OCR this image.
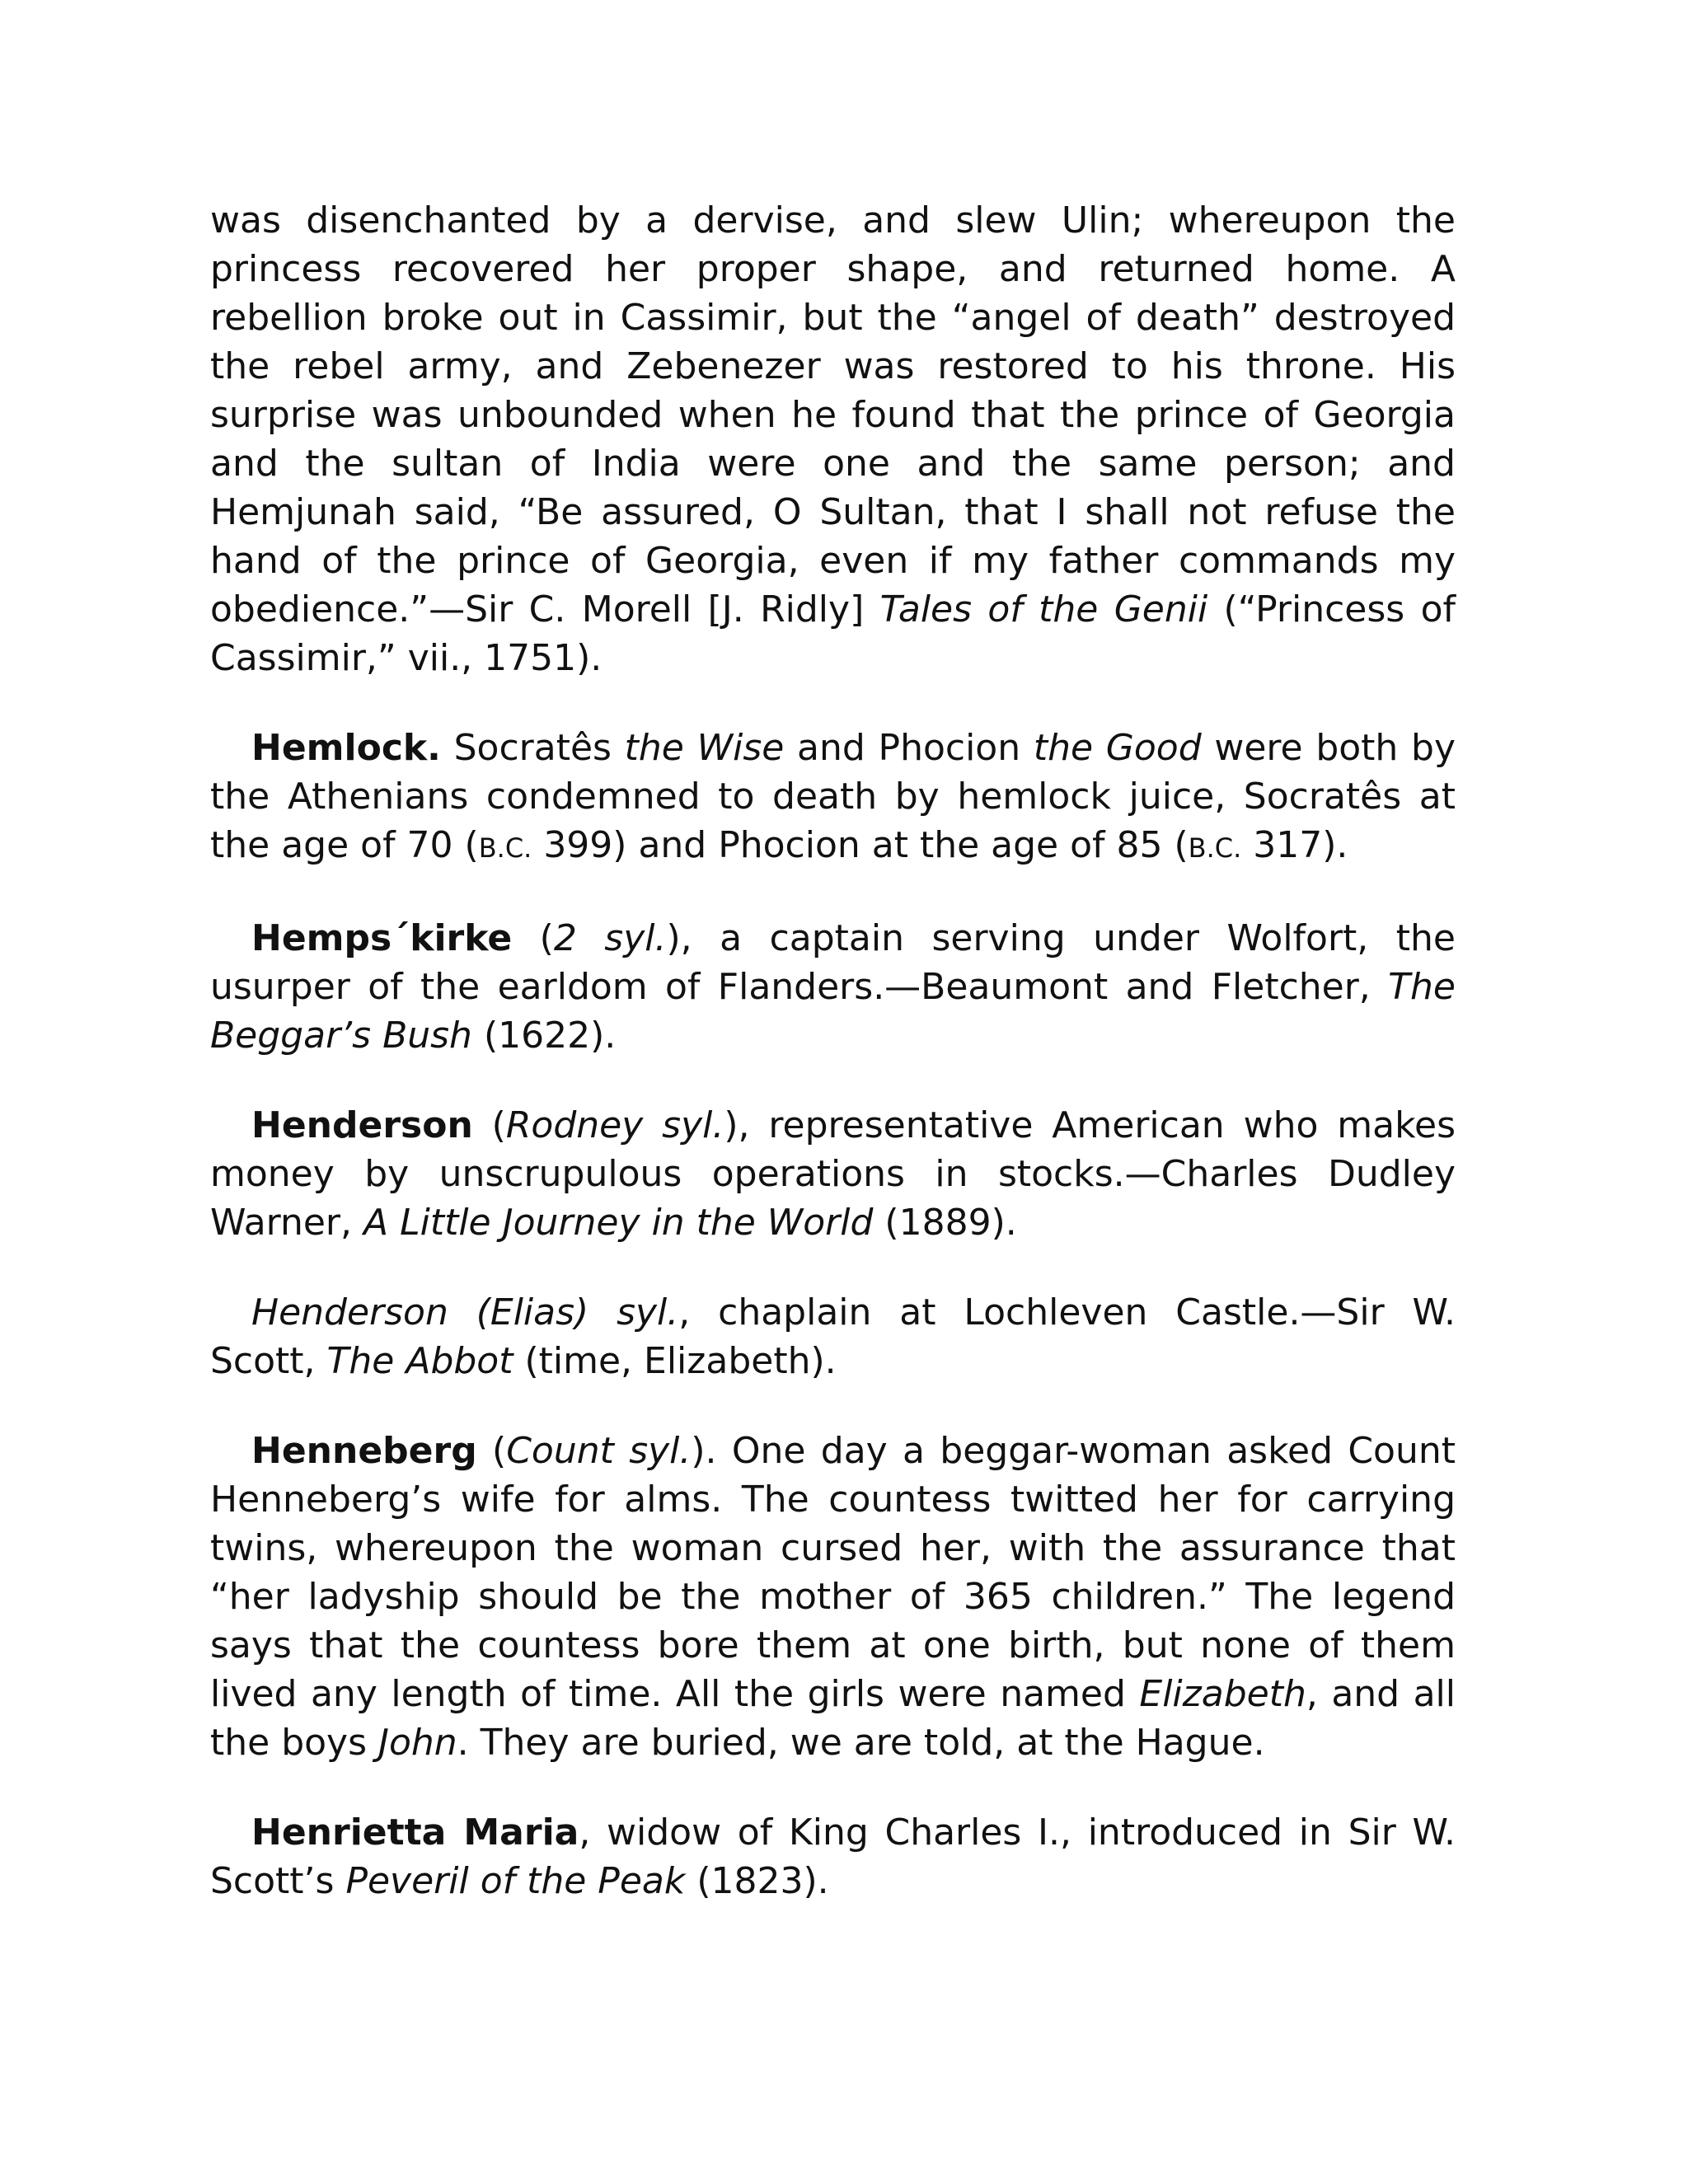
was disenchanted by a dervise, and slew Ulin; whereupon the princess recovered her proper shape, and returned home. A rebellion broke out in Cassimir, but the “angel of death” destroyed the rebel army, and Zebenezer was restored to his throne. His surprise was unbounded when he found that the prince of Georgia and the sultan of India were one and the same person; and Hemjunah said, “Be assured, O Sultan, that I shall not refuse the hand of the prince of Georgia, even if my father commands my obedience.”—Sir C. Morell [J. Ridly] Tales of the Genii (“Princess of Cassimir,” vii., 1751).

Hemlock. Socratês the Wise and Phocion the Good were both by the Athenians condemned to death by hemlock juice, Socratês at the age of 70 (B.C. 399) and Phocion at the age of 85 (B.C. 317).

Hemps´kirke (2 syl.), a captain serving under Wolfort, the usurper of the earldom of Flanders.—Beaumont and Fletcher, The Beggar’s Bush (1622).

Henderson (Rodney syl.), representative American who makes money by unscrupulous operations in stocks.—Charles Dudley Warner, A Little Journey in the World (1889).

Henderson (Elias) syl., chaplain at Lochleven Castle.—Sir W. Scott, The Abbot (time, Elizabeth).

Henneberg (Count syl.). One day a beggar-woman asked Count Henneberg’s wife for alms. The countess twitted her for carrying twins, whereupon the woman cursed her, with the assurance that “her ladyship should be the mother of 365 children.” The legend says that the countess bore them at one birth, but none of them lived any length of time. All the girls were named Elizabeth, and all the boys John. They are buried, we are told, at the Hague.

Henrietta Maria, widow of King Charles I., introduced in Sir W. Scott’s Peveril of the Peak (1823).
